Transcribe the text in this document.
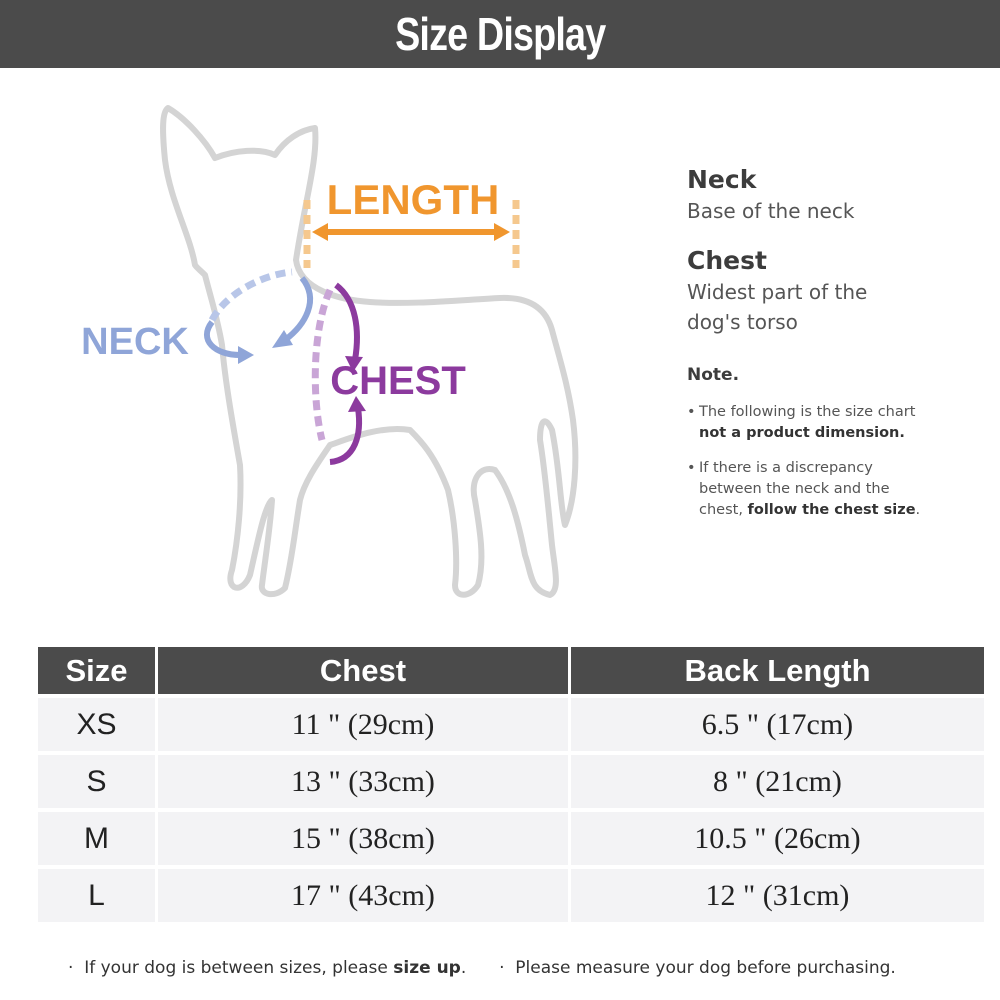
Size Display
LENGTH
NECK
CHEST

Neck

Base of the neck

Chest

Widest part of the
dog's torso

Note.

• The following is the size chart
not a product dimension.
• If there is a discrepancy
between the neck and the
chest, follow the chest size.
Size	Chest	Back Length
XS	11 " (29cm)	6.5 " (17cm)
S	13 " (33cm)	8 " (21cm)
M	15 " (38cm)	10.5 " (26cm)
L	17 " (43cm)	12 " (31cm)
· If your dog is between sizes, please size up. · Please measure your dog before purchasing.
